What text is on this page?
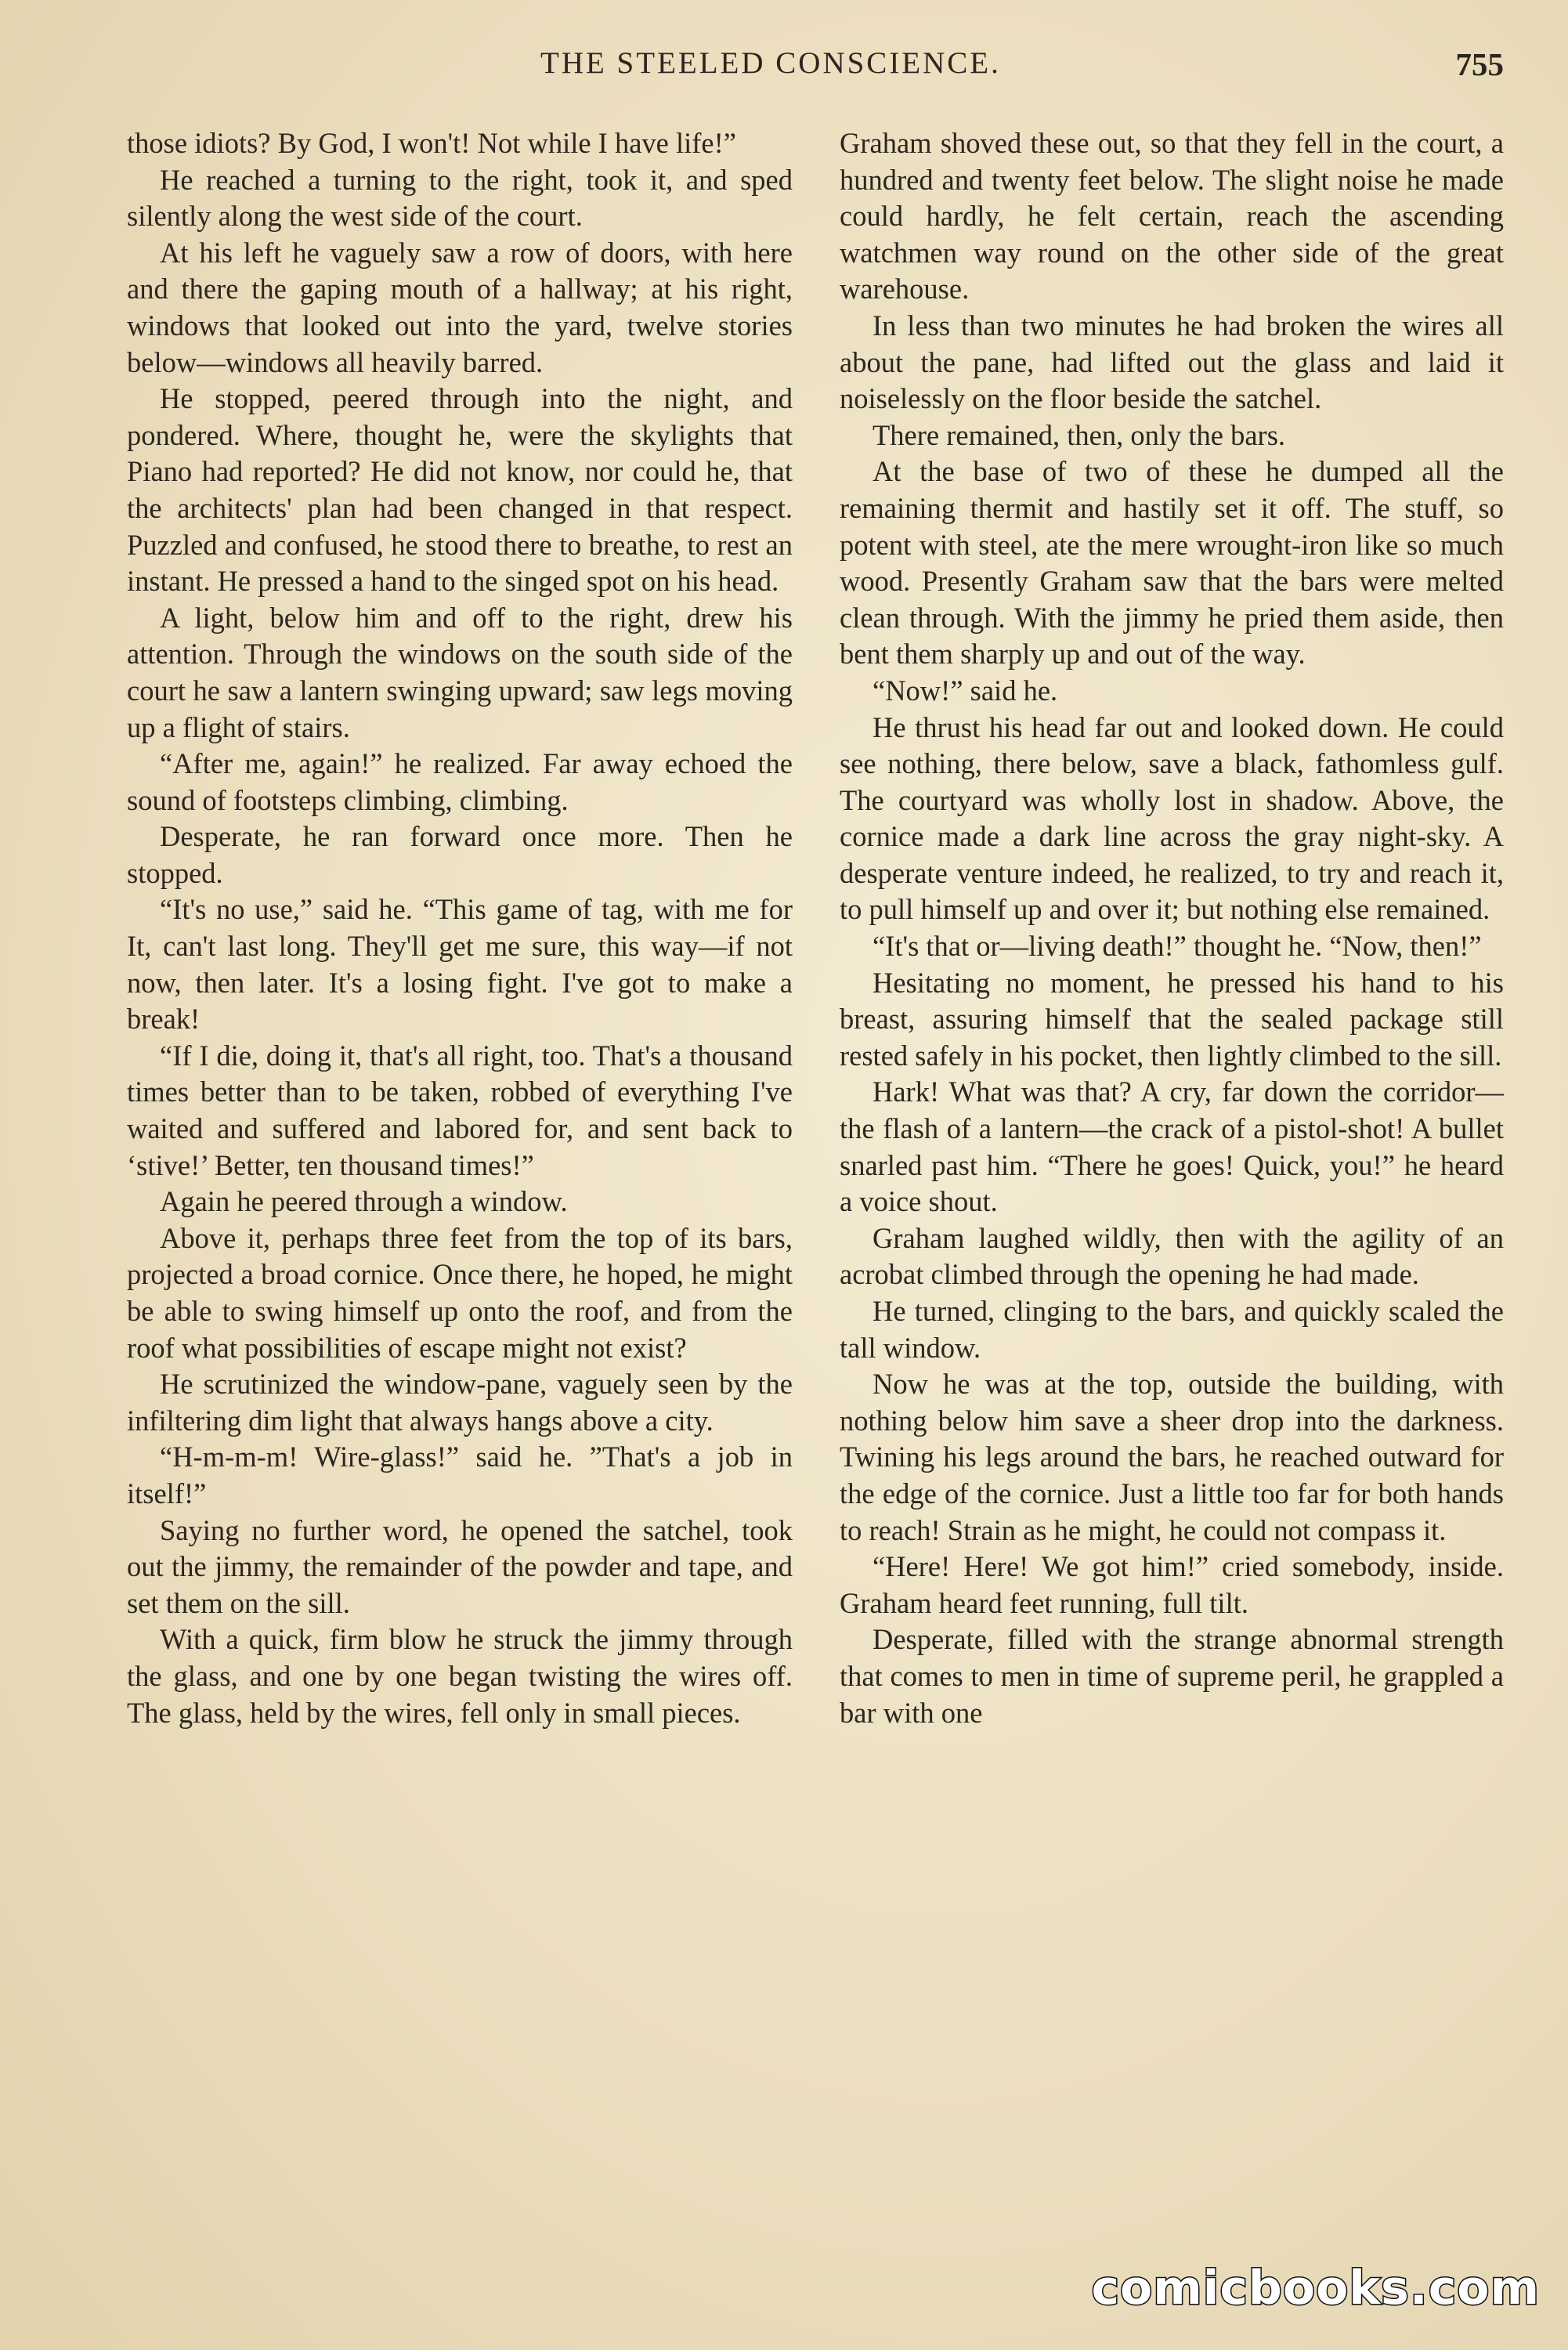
THE STEELED CONSCIENCE.	755

those idiots? By God, I won't! Not while I have life!”

He reached a turning to the right, took it, and sped silently along the west side of the court.

At his left he vaguely saw a row of doors, with here and there the gaping mouth of a hallway; at his right, windows that looked out into the yard, twelve stories below—windows all heavily barred.

He stopped, peered through into the night, and pondered. Where, thought he, were the skylights that Piano had reported? He did not know, nor could he, that the architects' plan had been changed in that respect. Puzzled and confused, he stood there to breathe, to rest an instant. He pressed a hand to the singed spot on his head.

A light, below him and off to the right, drew his attention. Through the windows on the south side of the court he saw a lantern swinging upward; saw legs moving up a flight of stairs.

“After me, again!” he realized. Far away echoed the sound of footsteps climbing, climbing.

Desperate, he ran forward once more. Then he stopped.

“It's no use,” said he. “This game of tag, with me for It, can't last long. They'll get me sure, this way—if not now, then later. It's a losing fight. I've got to make a break!

“If I die, doing it, that's all right, too. That's a thousand times better than to be taken, robbed of everything I've waited and suffered and labored for, and sent back to ‘stive!’ Better, ten thousand times!”

Again he peered through a window.

Above it, perhaps three feet from the top of its bars, projected a broad cornice. Once there, he hoped, he might be able to swing himself up onto the roof, and from the roof what possibilities of escape might not exist?

He scrutinized the window-pane, vaguely seen by the infiltering dim light that always hangs above a city.

“H-m-m-m! Wire-glass!” said he. ”That's a job in itself!”

Saying no further word, he opened the satchel, took out the jimmy, the remainder of the powder and tape, and set them on the sill.

With a quick, firm blow he struck the jimmy through the glass, and one by one began twisting the wires off. The glass, held by the wires, fell only in small pieces.

Graham shoved these out, so that they fell in the court, a hundred and twenty feet below. The slight noise he made could hardly, he felt certain, reach the ascending watchmen way round on the other side of the great warehouse.

In less than two minutes he had broken the wires all about the pane, had lifted out the glass and laid it noiselessly on the floor beside the satchel.

There remained, then, only the bars.

At the base of two of these he dumped all the remaining thermit and hastily set it off. The stuff, so potent with steel, ate the mere wrought-iron like so much wood. Presently Graham saw that the bars were melted clean through. With the jimmy he pried them aside, then bent them sharply up and out of the way.

“Now!” said he.

He thrust his head far out and looked down. He could see nothing, there below, save a black, fathomless gulf. The courtyard was wholly lost in shadow. Above, the cornice made a dark line across the gray night-sky. A desperate venture indeed, he realized, to try and reach it, to pull himself up and over it; but nothing else remained.

“It's that or—living death!” thought he. “Now, then!”

Hesitating no moment, he pressed his hand to his breast, assuring himself that the sealed package still rested safely in his pocket, then lightly climbed to the sill.

Hark! What was that? A cry, far down the corridor—the flash of a lantern—the crack of a pistol-shot! A bullet snarled past him. “There he goes! Quick, you!” he heard a voice shout.

Graham laughed wildly, then with the agility of an acrobat climbed through the opening he had made.

He turned, clinging to the bars, and quickly scaled the tall window.

Now he was at the top, outside the building, with nothing below him save a sheer drop into the darkness. Twining his legs around the bars, he reached outward for the edge of the cornice. Just a little too far for both hands to reach! Strain as he might, he could not compass it.

“Here! Here! We got him!” cried somebody, inside. Graham heard feet running, full tilt.

Desperate, filled with the strange abnormal strength that comes to men in time of supreme peril, he grappled a bar with one

comicbooks.com
